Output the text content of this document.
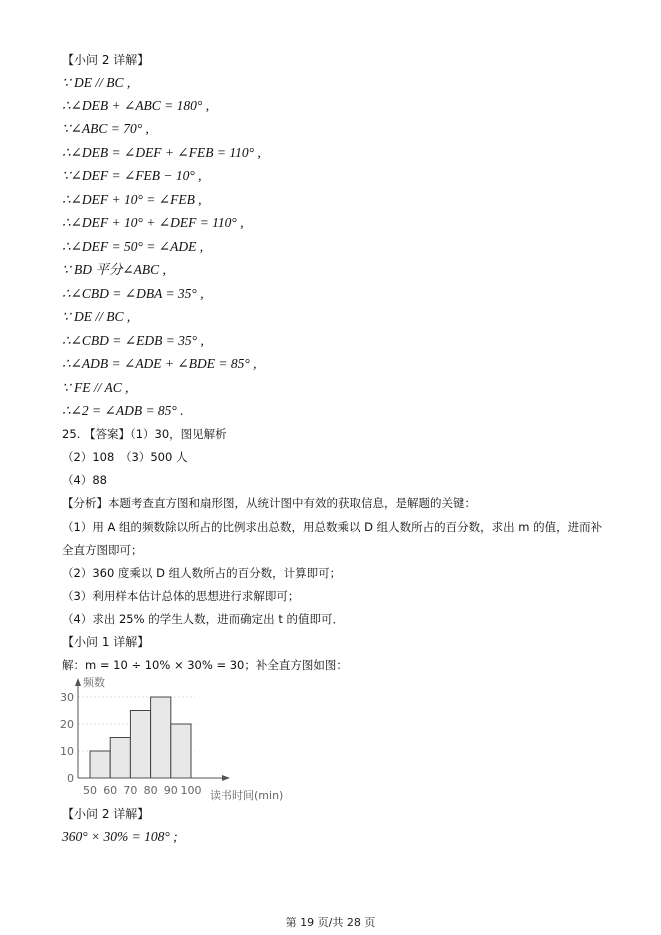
【小问 2 详解】
∵ DE // BC ,
∴∠DEB + ∠ABC = 180° ,
∵∠ABC = 70° ,
∴∠DEB = ∠DEF + ∠FEB = 110° ,
∵∠DEF = ∠FEB − 10° ,
∴∠DEF + 10° = ∠FEB ,
∴∠DEF + 10° + ∠DEF = 110° ,
∴∠DEF = 50° = ∠ADE ,
∵ BD 平分∠ABC ,
∴∠CBD = ∠DBA = 35° ,
∵ DE // BC ,
∴∠CBD = ∠EDB = 35° ,
∴∠ADB = ∠ADE + ∠BDE = 85° ,
∵ FE // AC ,
∴∠2 = ∠ADB = 85° .
25. 【答案】（1）30，图见解析
（2）108　（3）500 人
（4）88
【分析】本题考查直方图和扇形图，从统计图中有效的获取信息，是解题的关键：
（1）用 A 组的频数除以所占的比例求出总数，用总数乘以 D 组人数所占的百分数，求出 m 的值，进而补
全直方图即可；
（2）360 度乘以 D 组人数所占的百分数，计算即可；
（3）利用样本估计总体的思想进行求解即可；
（4）求出 25% 的学生人数，进而确定出 t 的值即可．
【小问 1 详解】
解：m = 10 ÷ 10% × 30% = 30；补全直方图如图：
0
10
20
30
50 60 70 80 90 100
频数
读书时间(min)
【小问 2 详解】
360° × 30% = 108° ;
第 19 页/共 28 页
